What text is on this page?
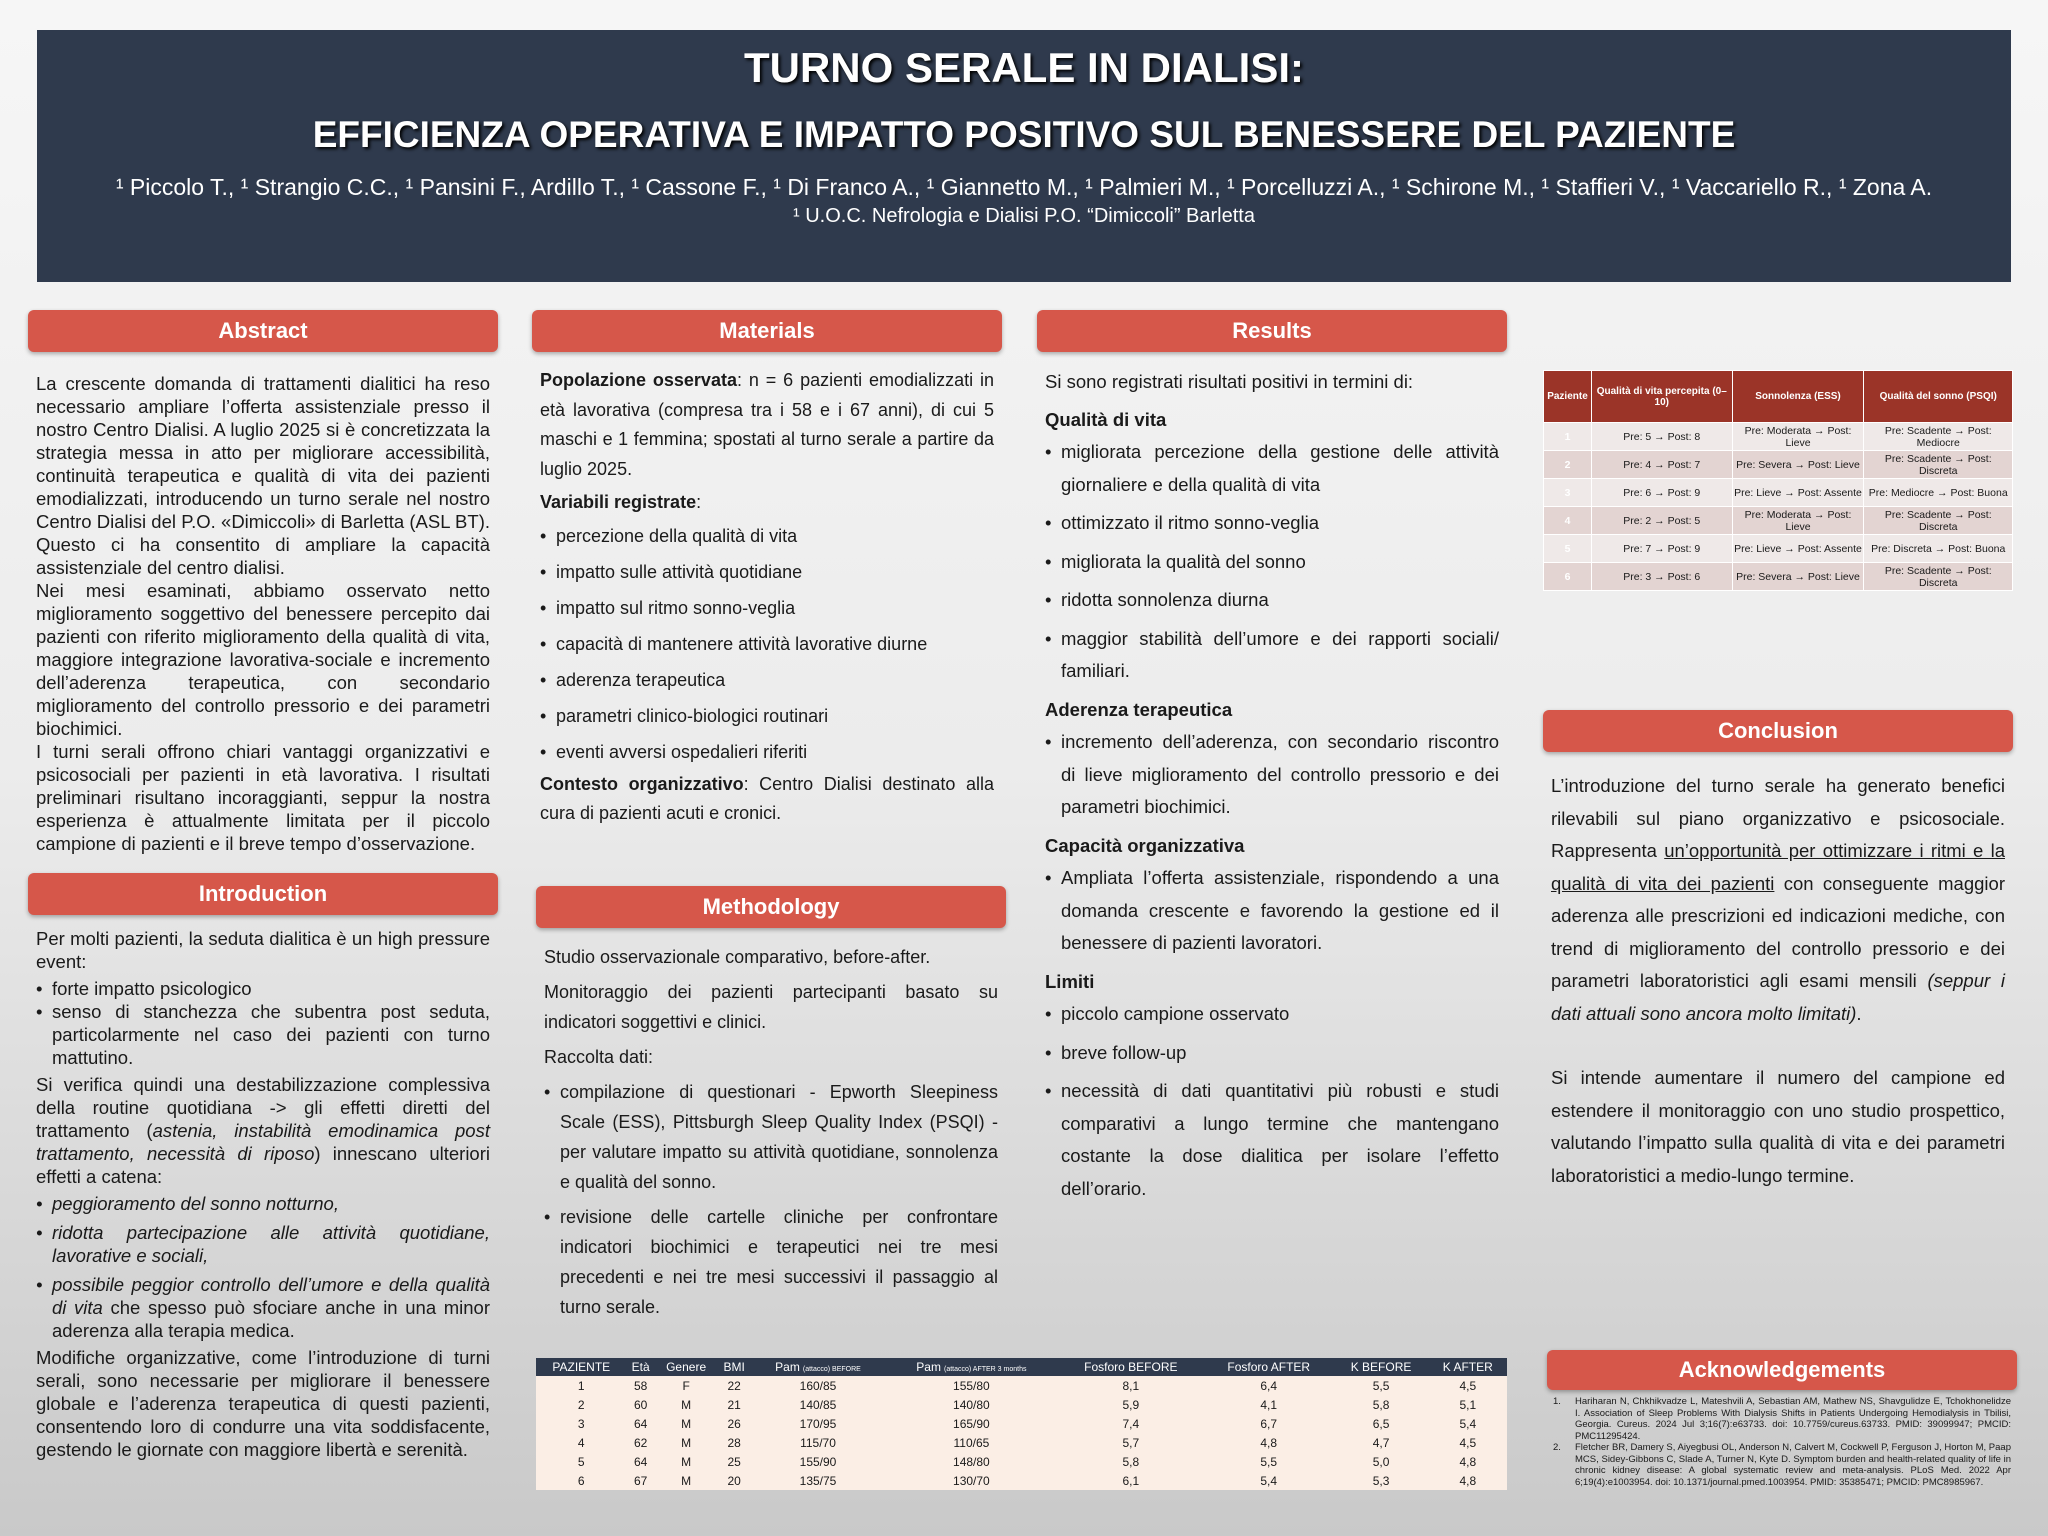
TURNO SERALE IN DIALISI:
EFFICIENZA OPERATIVA E IMPATTO POSITIVO SUL BENESSERE DEL PAZIENTE
¹ Piccolo T., ¹ Strangio C.C., ¹ Pansini F., Ardillo T., ¹ Cassone F., ¹ Di Franco A., ¹ Giannetto M., ¹ Palmieri M., ¹ Porcelluzzi A., ¹ Schirone M., ¹ Staffieri V., ¹ Vaccariello R., ¹ Zona A.
¹ U.O.C. Nefrologia e Dialisi P.O. “Dimiccoli” Barletta
Abstract
La crescente domanda di trattamenti dialitici ha reso necessario ampliare l’offerta assistenziale presso il nostro Centro Dialisi. A luglio 2025 si è concretizzata la strategia messa in atto per migliorare accessibilità, continuità terapeutica e qualità di vita dei pazienti emodializzati, introducendo un turno serale nel nostro Centro Dialisi del P.O. «Dimiccoli» di Barletta (ASL BT). Questo ci ha consentito di ampliare la capacità assistenziale del centro dialisi.
Nei mesi esaminati, abbiamo osservato netto miglioramento soggettivo del benessere percepito dai pazienti con riferito miglioramento della qualità di vita, maggiore integrazione lavorativa-sociale e incremento dell’aderenza terapeutica, con secondario miglioramento del controllo pressorio e dei parametri biochimici.
I turni serali offrono chiari vantaggi organizzativi e psicosociali per pazienti in età lavorativa. I risultati preliminari risultano incoraggianti, seppur la nostra esperienza è attualmente limitata per il piccolo campione di pazienti e il breve tempo d’osservazione.
Introduction
Per molti pazienti, la seduta dialitica è un high pressure event:
• forte impatto psicologico
• senso di stanchezza che subentra post seduta, particolarmente nel caso dei pazienti con turno mattutino.
Si verifica quindi una destabilizzazione complessiva della routine quotidiana -> gli effetti diretti del trattamento (astenia, instabilità emodinamica post trattamento, necessità di riposo) innescano ulteriori effetti a catena:
• peggioramento del sonno notturno,
• ridotta partecipazione alle attività quotidiane, lavorative e sociali,
• possibile peggior controllo dell’umore e della qualità di vita che spesso può sfociare anche in una minor aderenza alla terapia medica.
Modifiche organizzative, come l’introduzione di turni serali, sono necessarie per migliorare il benessere globale e l’aderenza terapeutica di questi pazienti, consentendo loro di condurre una vita soddisfacente, gestendo le giornate con maggiore libertà e serenità.
Materials
Popolazione osservata: n = 6 pazienti emodializzati in età lavorativa (compresa tra i 58 e i 67 anni), di cui 5 maschi e 1 femmina; spostati al turno serale a partire da luglio 2025.
Variabili registrate:
• percezione della qualità di vita
• impatto sulle attività quotidiane
• impatto sul ritmo sonno-veglia
• capacità di mantenere attività lavorative diurne
• aderenza terapeutica
• parametri clinico-biologici routinari
• eventi avversi ospedalieri riferiti
Contesto organizzativo: Centro Dialisi destinato alla cura di pazienti acuti e cronici.
Methodology
Studio osservazionale comparativo, before-after.
Monitoraggio dei pazienti partecipanti basato su indicatori soggettivi e clinici.
Raccolta dati:
• compilazione di questionari - Epworth Sleepiness Scale (ESS), Pittsburgh Sleep Quality Index (PSQI) - per valutare impatto su attività quotidiane, sonnolenza e qualità del sonno.
• revisione delle cartelle cliniche per confrontare indicatori biochimici e terapeutici nei tre mesi precedenti e nei tre mesi successivi il passaggio al turno serale.
Results
Si sono registrati risultati positivi in termini di:
Qualità di vita
• migliorata percezione della gestione delle attività giornaliere e della qualità di vita
• ottimizzato il ritmo sonno-veglia
• migliorata la qualità del sonno
• ridotta sonnolenza diurna
• maggior stabilità dell’umore e dei rapporti sociali/ familiari.
Aderenza terapeutica
• incremento dell’aderenza, con secondario riscontro di lieve miglioramento del controllo pressorio e dei parametri biochimici.
Capacità organizzativa
• Ampliata l’offerta assistenziale, rispondendo a una domanda crescente e favorendo la gestione ed il benessere di pazienti lavoratori.
Limiti
• piccolo campione osservato
• breve follow-up
• necessità di dati quantitativi più robusti e studi comparativi a lungo termine che mantengano costante la dose dialitica per isolare l’effetto dell’orario.
Paziente	Qualità di vita percepita (0–10)	Sonnolenza (ESS)	Qualità del sonno (PSQI)
1	Pre: 5 → Post: 8	Pre: Moderata → Post: Lieve	Pre: Scadente → Post: Mediocre
2	Pre: 4 → Post: 7	Pre: Severa → Post: Lieve	Pre: Scadente → Post: Discreta
3	Pre: 6 → Post: 9	Pre: Lieve → Post: Assente	Pre: Mediocre → Post: Buona
4	Pre: 2 → Post: 5	Pre: Moderata → Post: Lieve	Pre: Scadente → Post: Discreta
5	Pre: 7 → Post: 9	Pre: Lieve → Post: Assente	Pre: Discreta → Post: Buona
6	Pre: 3 → Post: 6	Pre: Severa → Post: Lieve	Pre: Scadente → Post: Discreta
Conclusion
L’introduzione del turno serale ha generato benefici rilevabili sul piano organizzativo e psicosociale. Rappresenta un’opportunità per ottimizzare i ritmi e la qualità di vita dei pazienti con conseguente maggior aderenza alle prescrizioni ed indicazioni mediche, con trend di miglioramento del controllo pressorio e dei parametri laboratoristici agli esami mensili (seppur i dati attuali sono ancora molto limitati).
Si intende aumentare il numero del campione ed estendere il monitoraggio con uno studio prospettico, valutando l’impatto sulla qualità di vita e dei parametri laboratoristici a medio-lungo termine.
Acknowledgements
1. Hariharan N, Chkhikvadze L, Mateshvili A, Sebastian AM, Mathew NS, Shavgulidze E, Tchokhonelidze I. Association of Sleep Problems With Dialysis Shifts in Patients Undergoing Hemodialysis in Tbilisi, Georgia. Cureus. 2024 Jul 3;16(7):e63733. doi: 10.7759/cureus.63733. PMID: 39099947; PMCID: PMC11295424.
2. Fletcher BR, Damery S, Aiyegbusi OL, Anderson N, Calvert M, Cockwell P, Ferguson J, Horton M, Paap MCS, Sidey-Gibbons C, Slade A, Turner N, Kyte D. Symptom burden and health-related quality of life in chronic kidney disease: A global systematic review and meta-analysis. PLoS Med. 2022 Apr 6;19(4):e1003954. doi: 10.1371/journal.pmed.1003954. PMID: 35385471; PMCID: PMC8985967.
PAZIENTE	Età	Genere	BMI	Pam (attacco) BEFORE	Pam (attacco) AFTER 3 months	Fosforo BEFORE	Fosforo AFTER	K BEFORE	K AFTER
1	58	F	22	160/85	155/80	8,1	6,4	5,5	4,5
2	60	M	21	140/85	140/80	5,9	4,1	5,8	5,1
3	64	M	26	170/95	165/90	7,4	6,7	6,5	5,4
4	62	M	28	115/70	110/65	5,7	4,8	4,7	4,5
5	64	M	25	155/90	148/80	5,8	5,5	5,0	4,8
6	67	M	20	135/75	130/70	6,1	5,4	5,3	4,8
